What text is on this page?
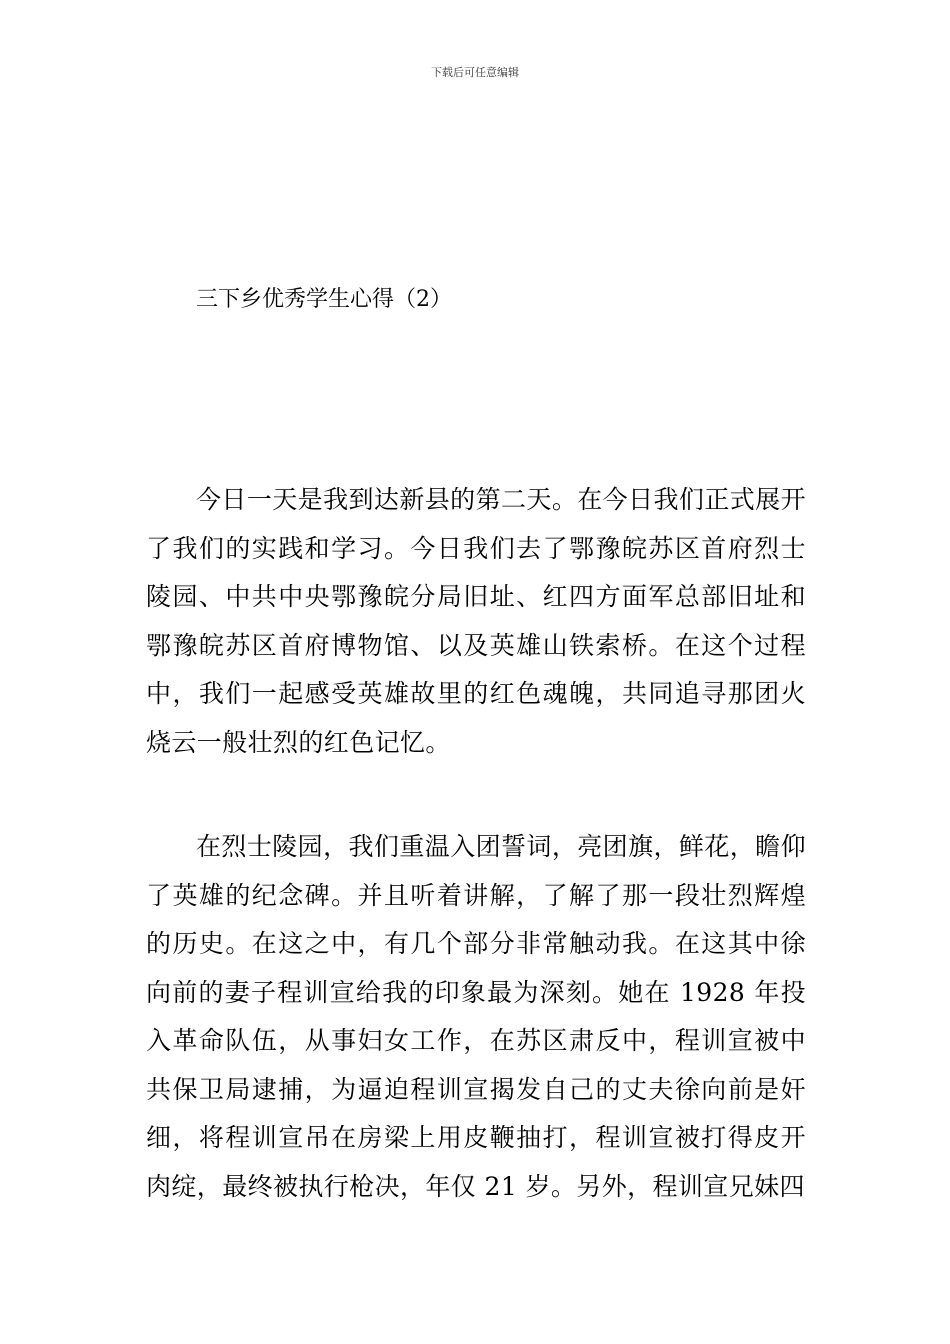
下载后可任意编辑
三下乡优秀学生心得（2）

今日一天是我到达新县的第二天。在今日我们正式展开了我们的实践和学习。今日我们去了鄂豫皖苏区首府烈士陵园、中共中央鄂豫皖分局旧址、红四方面军总部旧址和鄂豫皖苏区首府博物馆、以及英雄山铁索桥。在这个过程中，我们一起感受英雄故里的红色魂魄，共同追寻那团火烧云一般壮烈的红色记忆。

在烈士陵园，我们重温入团誓词，亮团旗，鲜花，瞻仰了英雄的纪念碑。并且听着讲解，了解了那一段壮烈辉煌的历史。在这之中，有几个部分非常触动我。在这其中徐向前的妻子程训宣给我的印象最为深刻。她在 1928 年投入革命队伍，从事妇女工作，在苏区肃反中，程训宣被中共保卫局逮捕，为逼迫程训宣揭发自己的丈夫徐向前是奸细，将程训宣吊在房梁上用皮鞭抽打，程训宣被打得皮开肉绽，最终被执行枪决，年仅 21 岁。另外，程训宣兄妹四
